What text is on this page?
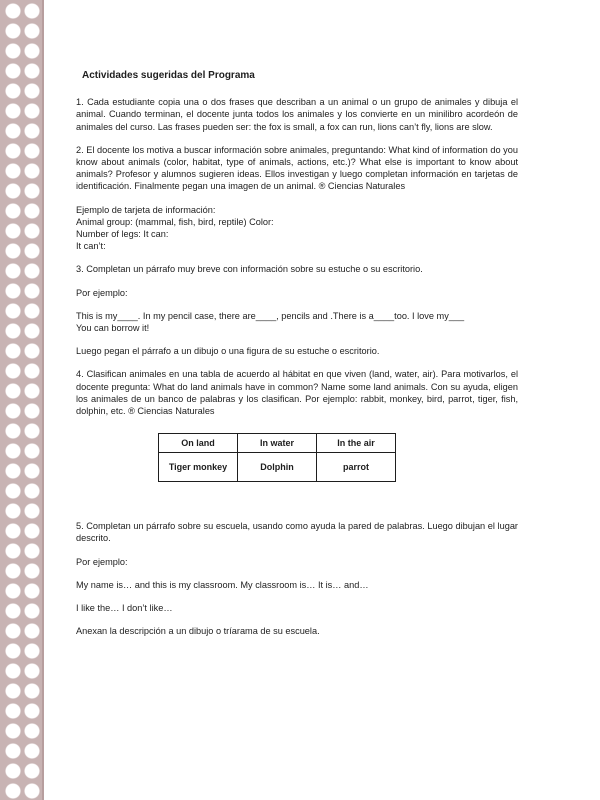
Actividades sugeridas del Programa

1. Cada estudiante copia una o dos frases que describan a un animal o un grupo de animales y dibuja el animal. Cuando terminan, el docente junta todos los animales y los convierte en un minilibro acordeón de animales del curso. Las frases pueden ser: the fox is small, a fox can run, lions can’t fly, lions are slow.

2. El docente los motiva a buscar información sobre animales, preguntando: What kind of information do you know about animals (color, habitat, type of animals, actions, etc.)? What else is important to know about animals? Profesor y alumnos sugieren ideas. Ellos investigan y luego completan información en tarjetas de identificación. Finalmente pegan una imagen de un animal. ® Ciencias Naturales

Ejemplo de tarjeta de información:
Animal group: (mammal, fish, bird, reptile) Color:
Number of legs: It can:
It can’t:

3. Completan un párrafo muy breve con información sobre su estuche o su escritorio.

Por ejemplo:

This is my____. In my pencil case, there are____, pencils and .There is a____too. I love my___
You can borrow it!

Luego pegan el párrafo a un dibujo o una figura de su estuche o escritorio.

4. Clasifican animales en una tabla de acuerdo al hábitat en que viven (land, water, air). Para motivarlos, el docente pregunta: What do land animals have in common? Name some land animals. Con su ayuda, eligen los animales de un banco de palabras y los clasifican. Por ejemplo: rabbit, monkey, bird, parrot, tiger, fish, dolphin, etc. ® Ciencias Naturales

On land	In water	In the air
Tiger monkey	Dolphin	parrot

5. Completan un párrafo sobre su escuela, usando como ayuda la pared de palabras. Luego dibujan el lugar descrito.

Por ejemplo:

My name is… and this is my classroom. My classroom is… It is… and…

I like the… I don’t like…

Anexan la descripción a un dibujo o tríarama de su escuela.
